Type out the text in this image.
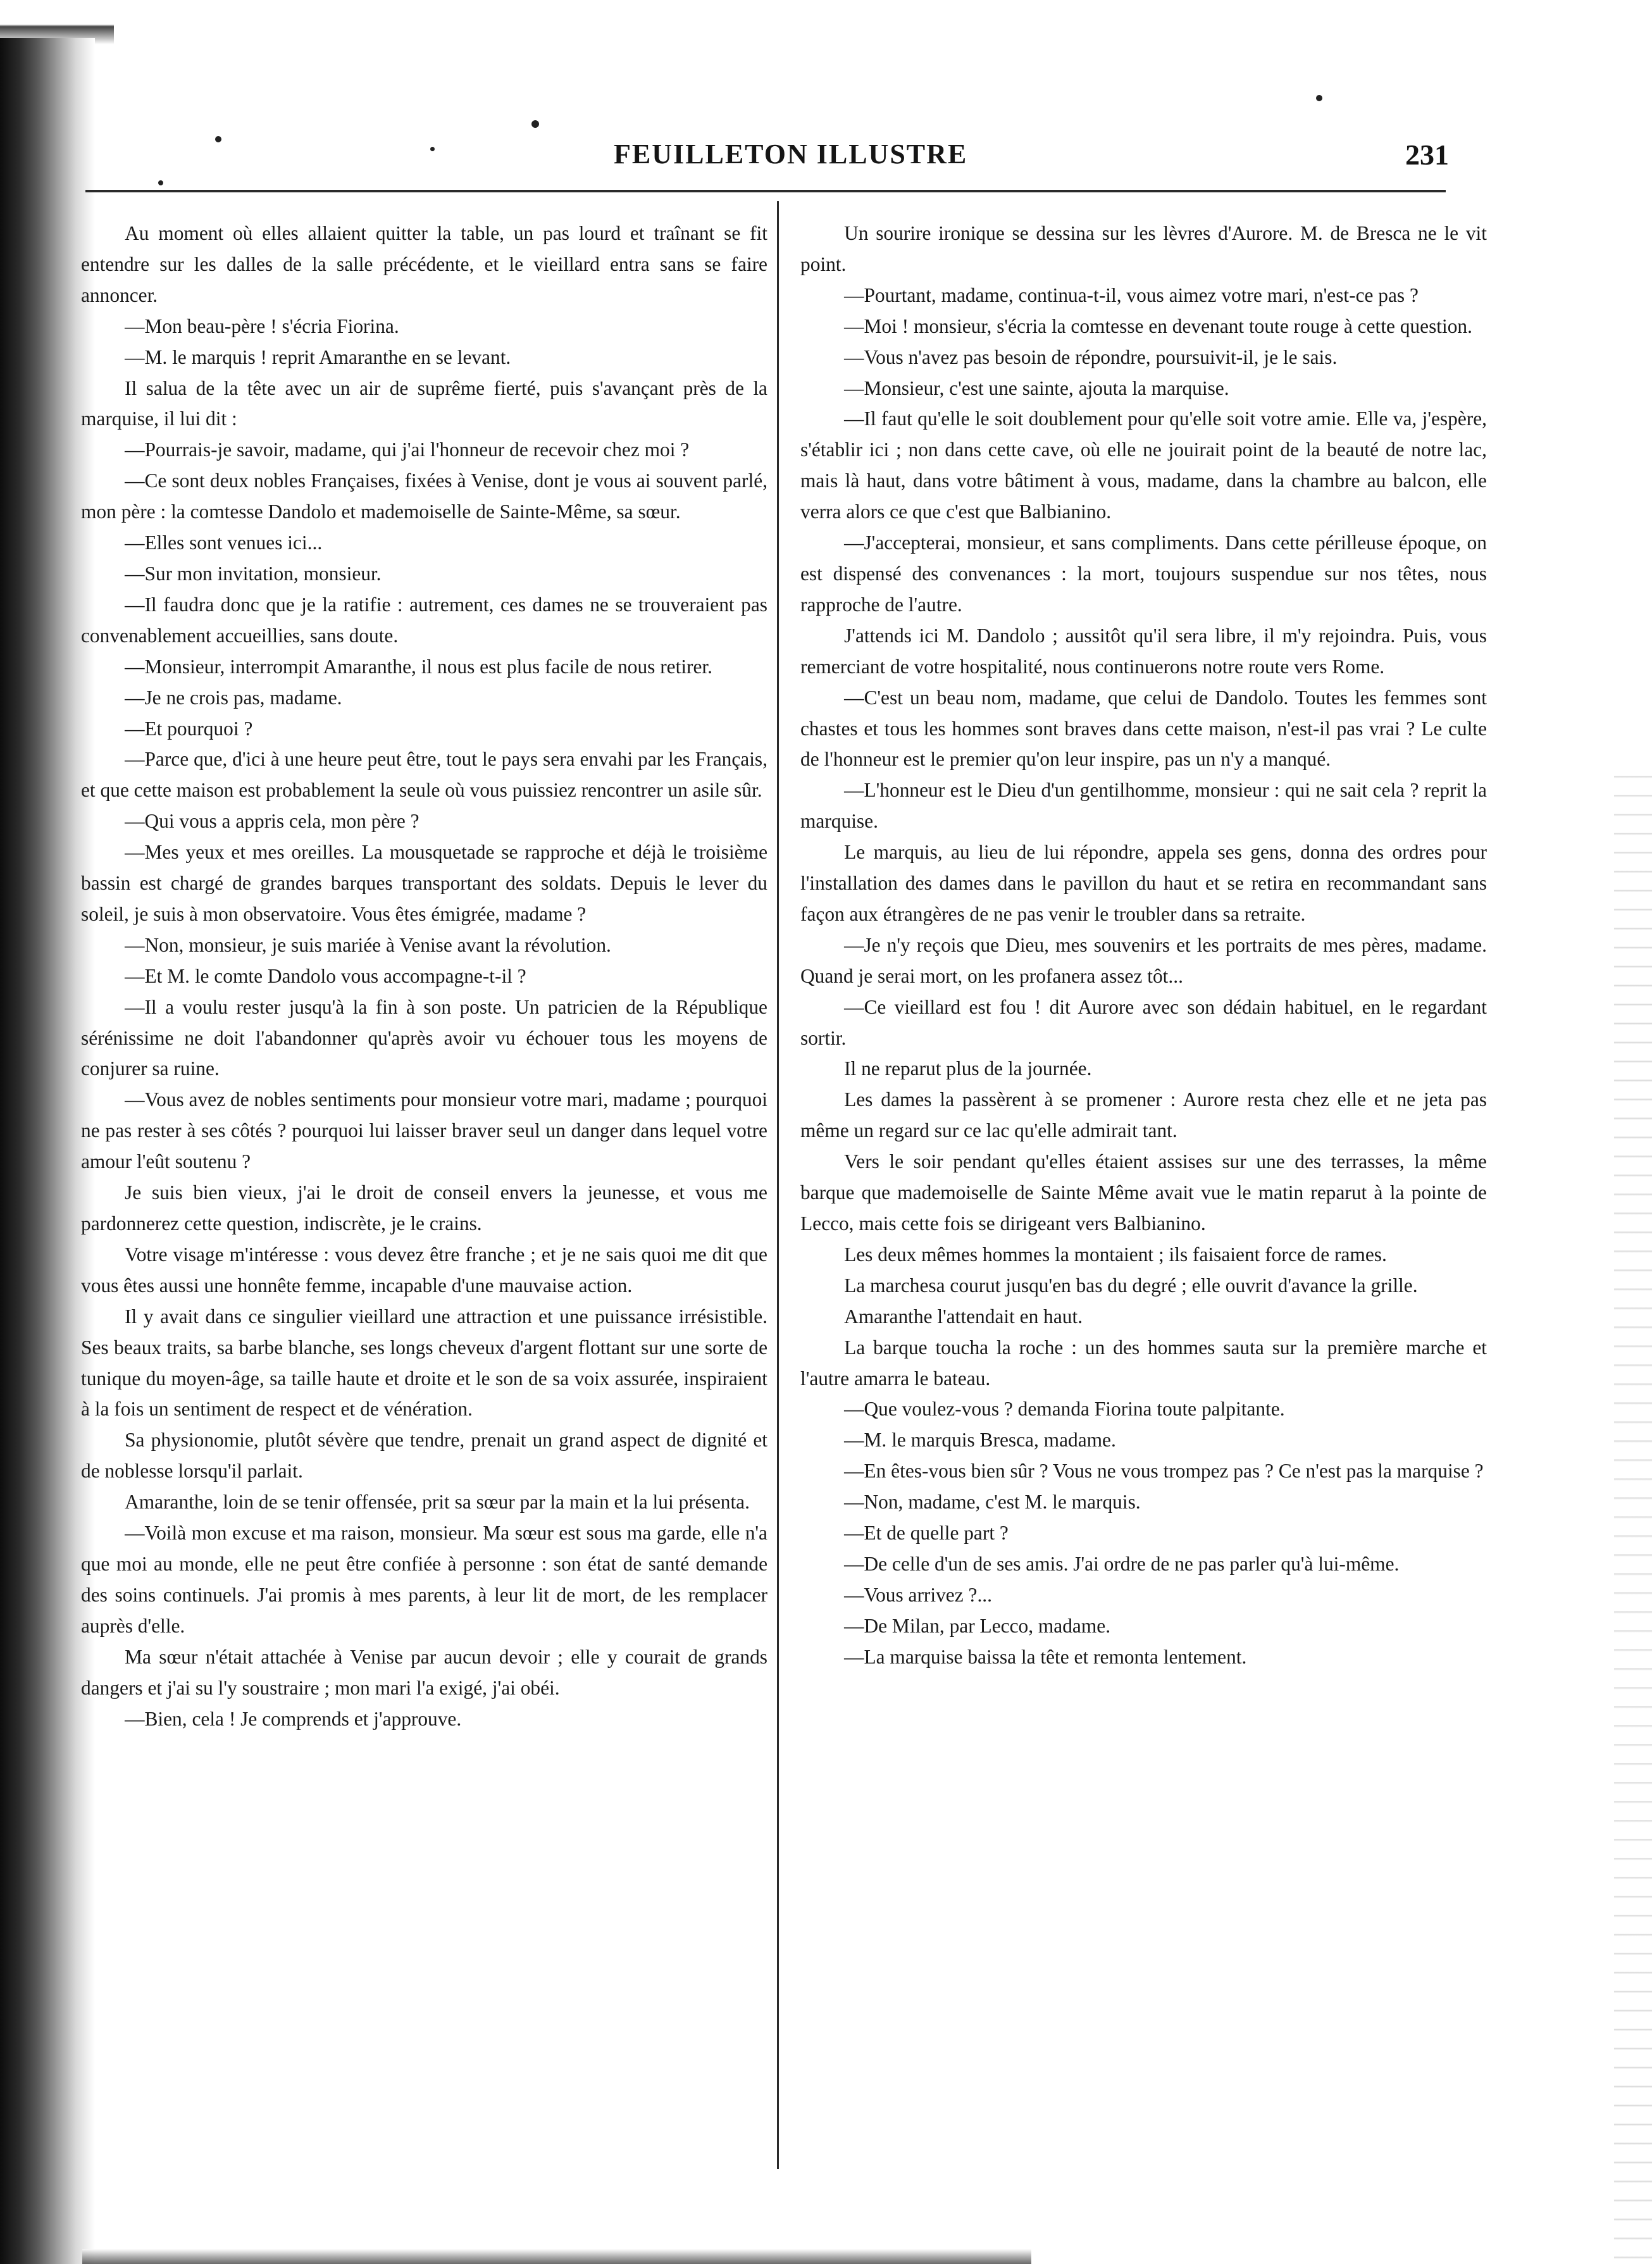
FEUILLETON ILLUSTRE	231

Au moment où elles allaient quitter la table, un pas lourd et traînant se fit entendre sur les dalles de la salle précédente, et le vieillard entra sans se faire annoncer.

—Mon beau-père ! s'écria Fiorina.

—M. le marquis ! reprit Amaranthe en se levant.

Il salua de la tête avec un air de suprême fierté, puis s'avançant près de la marquise, il lui dit :

—Pourrais-je savoir, madame, qui j'ai l'honneur de recevoir chez moi ?

—Ce sont deux nobles Françaises, fixées à Venise, dont je vous ai souvent parlé, mon père : la comtesse Dandolo et mademoiselle de Sainte-Même, sa sœur.

—Elles sont venues ici...

—Sur mon invitation, monsieur.

—Il faudra donc que je la ratifie : autrement, ces dames ne se trouveraient pas convenablement accueillies, sans doute.

—Monsieur, interrompit Amaranthe, il nous est plus facile de nous retirer.

—Je ne crois pas, madame.

—Et pourquoi ?

—Parce que, d'ici à une heure peut être, tout le pays sera envahi par les Français, et que cette maison est probablement la seule où vous puissiez rencontrer un asile sûr.

—Qui vous a appris cela, mon père ?

—Mes yeux et mes oreilles. La mousquetade se rapproche et déjà le troisième bassin est chargé de grandes barques transportant des soldats. Depuis le lever du soleil, je suis à mon observatoire. Vous êtes émigrée, madame ?

—Non, monsieur, je suis mariée à Venise avant la révolution.

—Et M. le comte Dandolo vous accompagne-t-il ?

—Il a voulu rester jusqu'à la fin à son poste. Un patricien de la République sérénissime ne doit l'abandonner qu'après avoir vu échouer tous les moyens de conjurer sa ruine.

—Vous avez de nobles sentiments pour monsieur votre mari, madame ; pourquoi ne pas rester à ses côtés ? pourquoi lui laisser braver seul un danger dans lequel votre amour l'eût soutenu ?

Je suis bien vieux, j'ai le droit de conseil envers la jeunesse, et vous me pardonnerez cette question, indiscrète, je le crains.

Votre visage m'intéresse : vous devez être franche ; et je ne sais quoi me dit que vous êtes aussi une honnête femme, incapable d'une mauvaise action.

Il y avait dans ce singulier vieillard une attraction et une puissance irrésistible. Ses beaux traits, sa barbe blanche, ses longs cheveux d'argent flottant sur une sorte de tunique du moyen-âge, sa taille haute et droite et le son de sa voix assurée, inspiraient à la fois un sentiment de respect et de vénération.

Sa physionomie, plutôt sévère que tendre, prenait un grand aspect de dignité et de noblesse lorsqu'il parlait.

Amaranthe, loin de se tenir offensée, prit sa sœur par la main et la lui présenta.

—Voilà mon excuse et ma raison, monsieur. Ma sœur est sous ma garde, elle n'a que moi au monde, elle ne peut être confiée à personne : son état de santé demande des soins continuels. J'ai promis à mes parents, à leur lit de mort, de les remplacer auprès d'elle.

Ma sœur n'était attachée à Venise par aucun devoir ; elle y courait de grands dangers et j'ai su l'y soustraire ; mon mari l'a exigé, j'ai obéi.

—Bien, cela ! Je comprends et j'approuve.

Un sourire ironique se dessina sur les lèvres d'Aurore. M. de Bresca ne le vit point.

—Pourtant, madame, continua-t-il, vous aimez votre mari, n'est-ce pas ?

—Moi ! monsieur, s'écria la comtesse en devenant toute rouge à cette question.

—Vous n'avez pas besoin de répondre, poursuivit-il, je le sais.

—Monsieur, c'est une sainte, ajouta la marquise.

—Il faut qu'elle le soit doublement pour qu'elle soit votre amie. Elle va, j'espère, s'établir ici ; non dans cette cave, où elle ne jouirait point de la beauté de notre lac, mais là haut, dans votre bâtiment à vous, madame, dans la chambre au balcon, elle verra alors ce que c'est que Balbianino.

—J'accepterai, monsieur, et sans compliments. Dans cette périlleuse époque, on est dispensé des convenances : la mort, toujours suspendue sur nos têtes, nous rapproche de l'autre.

J'attends ici M. Dandolo ; aussitôt qu'il sera libre, il m'y rejoindra. Puis, vous remerciant de votre hospitalité, nous continuerons notre route vers Rome.

—C'est un beau nom, madame, que celui de Dandolo. Toutes les femmes sont chastes et tous les hommes sont braves dans cette maison, n'est-il pas vrai ? Le culte de l'honneur est le premier qu'on leur inspire, pas un n'y a manqué.

—L'honneur est le Dieu d'un gentilhomme, monsieur : qui ne sait cela ? reprit la marquise.

Le marquis, au lieu de lui répondre, appela ses gens, donna des ordres pour l'installation des dames dans le pavillon du haut et se retira en recommandant sans façon aux étrangères de ne pas venir le troubler dans sa retraite.

—Je n'y reçois que Dieu, mes souvenirs et les portraits de mes pères, madame. Quand je serai mort, on les profanera assez tôt...

—Ce vieillard est fou ! dit Aurore avec son dédain habituel, en le regardant sortir.

Il ne reparut plus de la journée.

Les dames la passèrent à se promener : Aurore resta chez elle et ne jeta pas même un regard sur ce lac qu'elle admirait tant.

Vers le soir pendant qu'elles étaient assises sur une des terrasses, la même barque que mademoiselle de Sainte Même avait vue le matin reparut à la pointe de Lecco, mais cette fois se dirigeant vers Balbianino.

Les deux mêmes hommes la montaient ; ils faisaient force de rames.

La marchesa courut jusqu'en bas du degré ; elle ouvrit d'avance la grille.

Amaranthe l'attendait en haut.

La barque toucha la roche : un des hommes sauta sur la première marche et l'autre amarra le bateau.

—Que voulez-vous ? demanda Fiorina toute palpitante.

—M. le marquis Bresca, madame.

—En êtes-vous bien sûr ? Vous ne vous trompez pas ? Ce n'est pas la marquise ?

—Non, madame, c'est M. le marquis.

—Et de quelle part ?

—De celle d'un de ses amis. J'ai ordre de ne pas parler qu'à lui-même.

—Vous arrivez ?...

—De Milan, par Lecco, madame.

—La marquise baissa la tête et remonta lentement.
